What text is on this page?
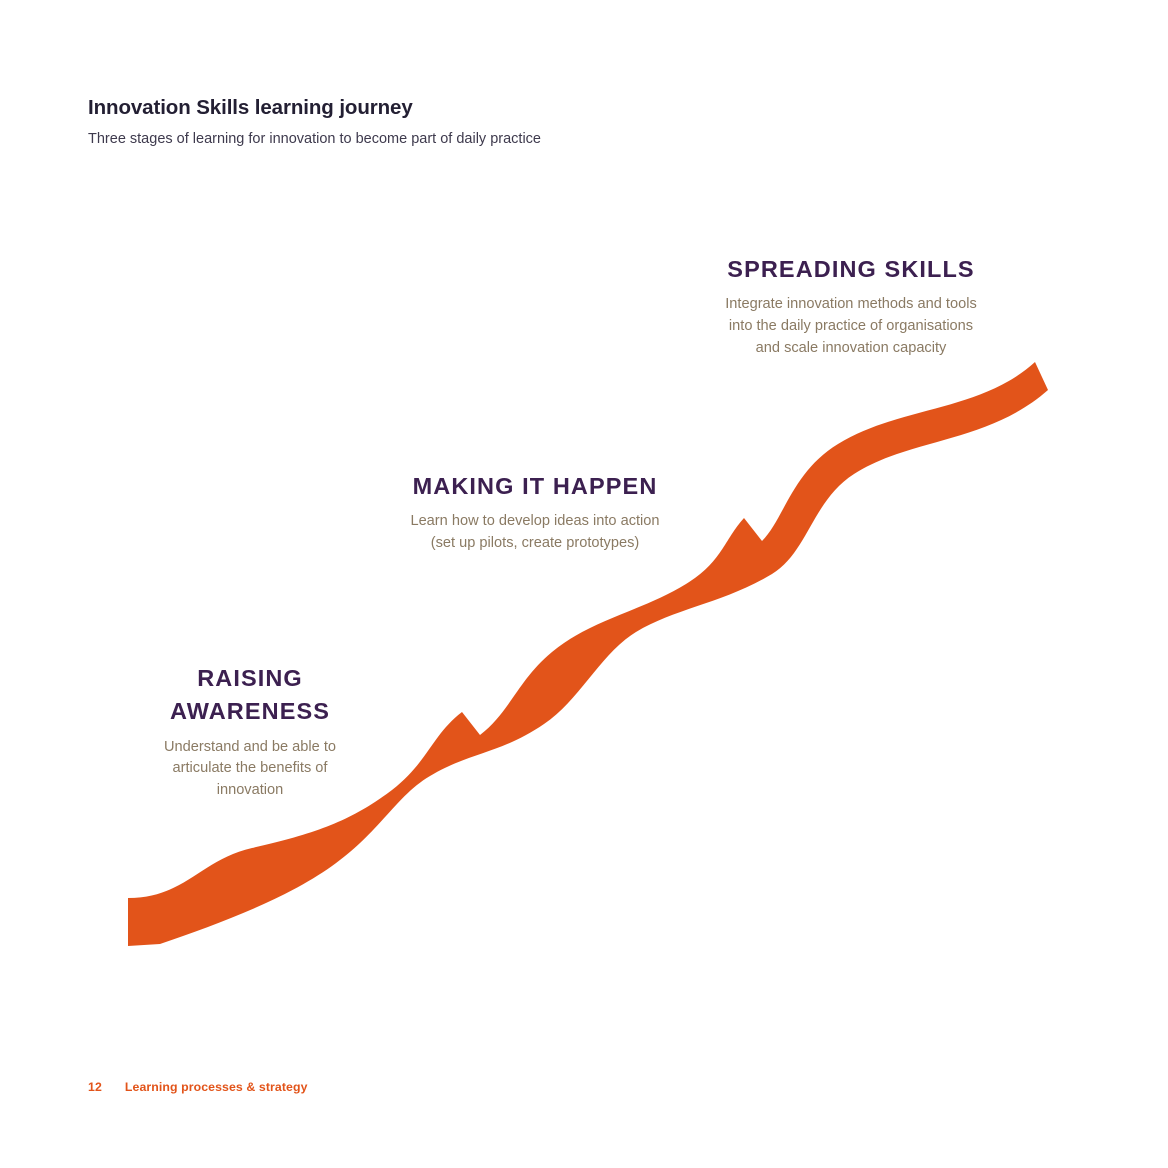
Innovation Skills learning journey

Three stages of learning for innovation to become part of daily practice

RAISING AWARENESS

Understand and be able to articulate the benefits of innovation

MAKING IT HAPPEN

Learn how to develop ideas into action (set up pilots, create prototypes)

SPREADING SKILLS

Integrate innovation methods and tools into the daily practice of organisations and scale innovation capacity

12 Learning processes & strategy
